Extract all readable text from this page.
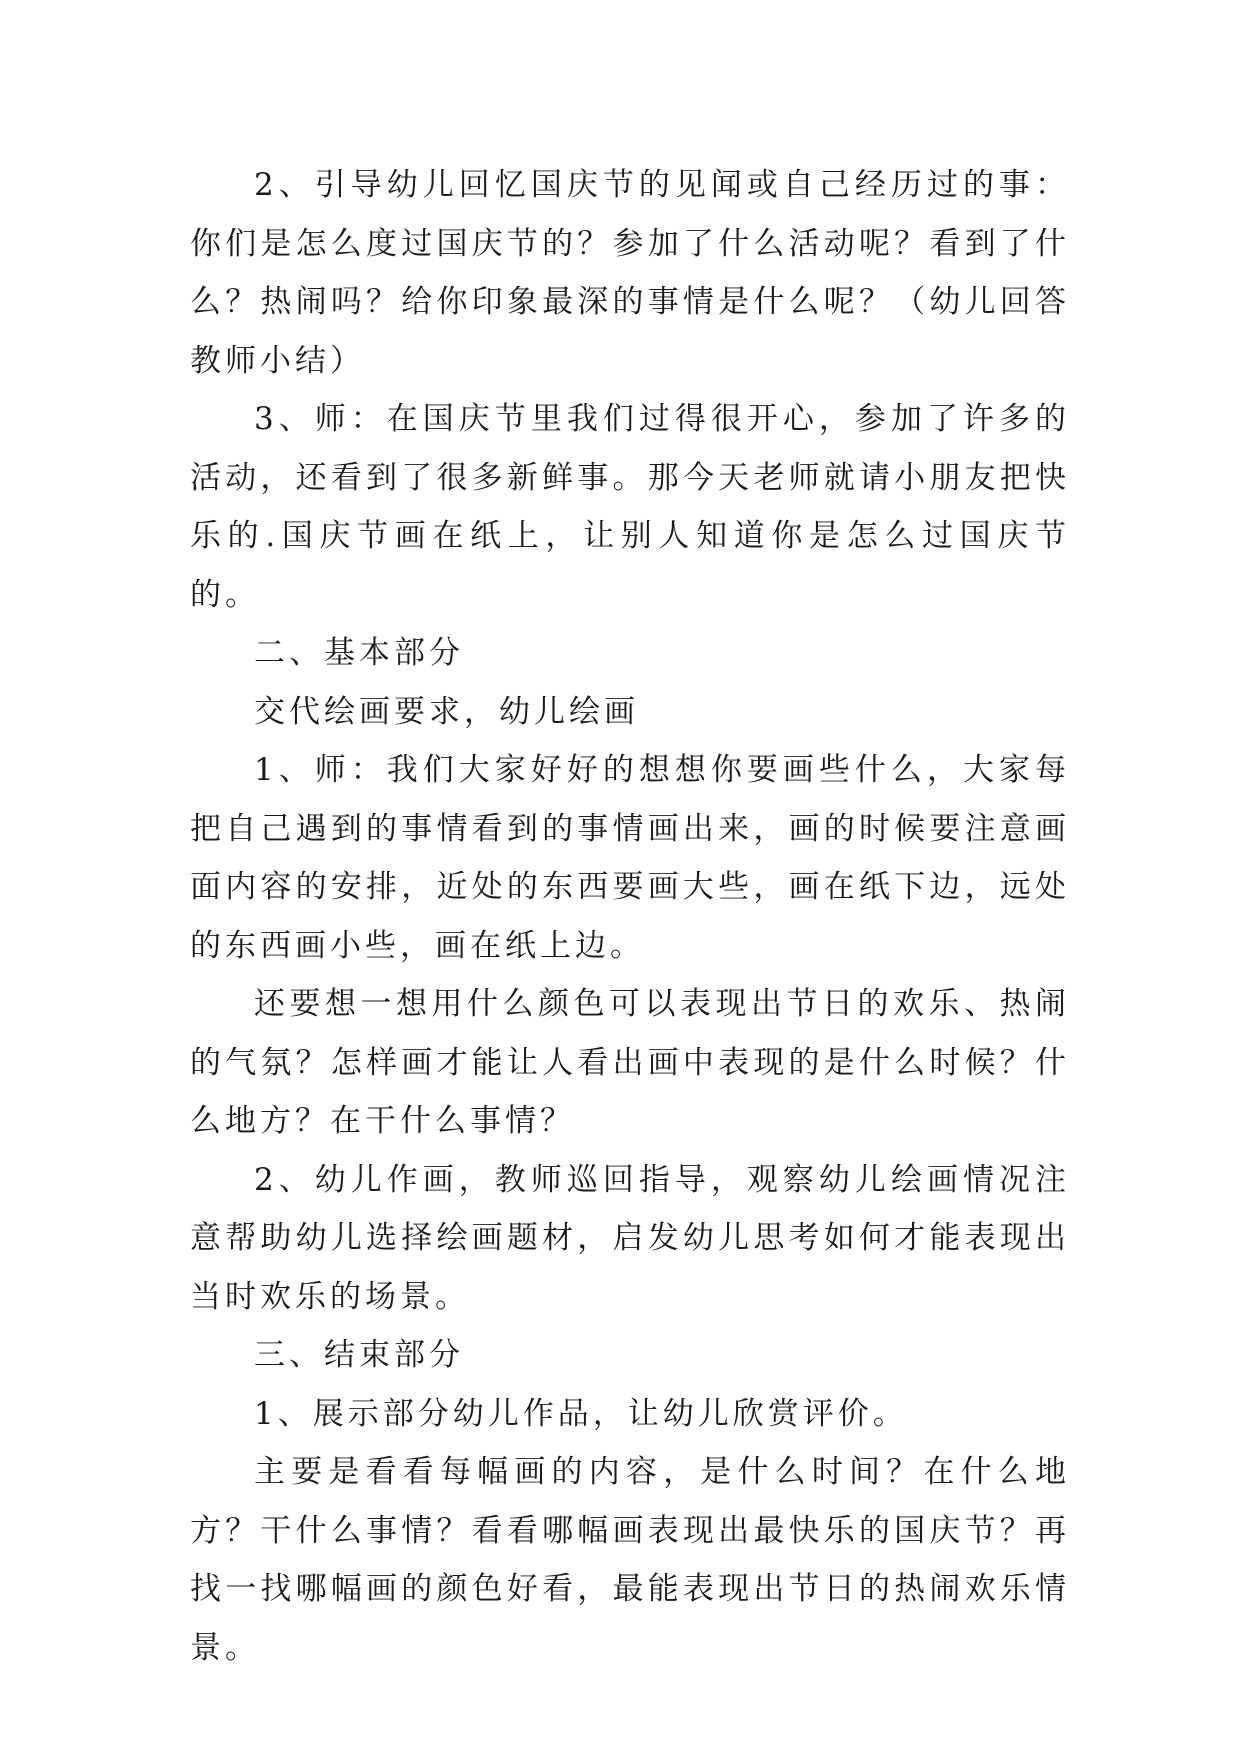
2、引导幼儿回忆国庆节的见闻或自己经历过的事：你们是怎么度过国庆节的？参加了什么活动呢？看到了什么？热闹吗？给你印象最深的事情是什么呢？（幼儿回答教师小结）

3、师：在国庆节里我们过得很开心，参加了许多的活动，还看到了很多新鲜事。那今天老师就请小朋友把快乐的.国庆节画在纸上，让别人知道你是怎么过国庆节的。

二、基本部分

交代绘画要求，幼儿绘画

1、师：我们大家好好的想想你要画些什么，大家每把自己遇到的事情看到的事情画出来，画的时候要注意画面内容的安排，近处的东西要画大些，画在纸下边，远处的东西画小些，画在纸上边。

还要想一想用什么颜色可以表现出节日的欢乐、热闹的气氛？怎样画才能让人看出画中表现的是什么时候？什么地方？在干什么事情？

2、幼儿作画，教师巡回指导，观察幼儿绘画情况注意帮助幼儿选择绘画题材，启发幼儿思考如何才能表现出当时欢乐的场景。

三、结束部分

1、展示部分幼儿作品，让幼儿欣赏评价。

主要是看看每幅画的内容，是什么时间？在什么地方？干什么事情？看看哪幅画表现出最快乐的国庆节？再找一找哪幅画的颜色好看，最能表现出节日的热闹欢乐情景。
